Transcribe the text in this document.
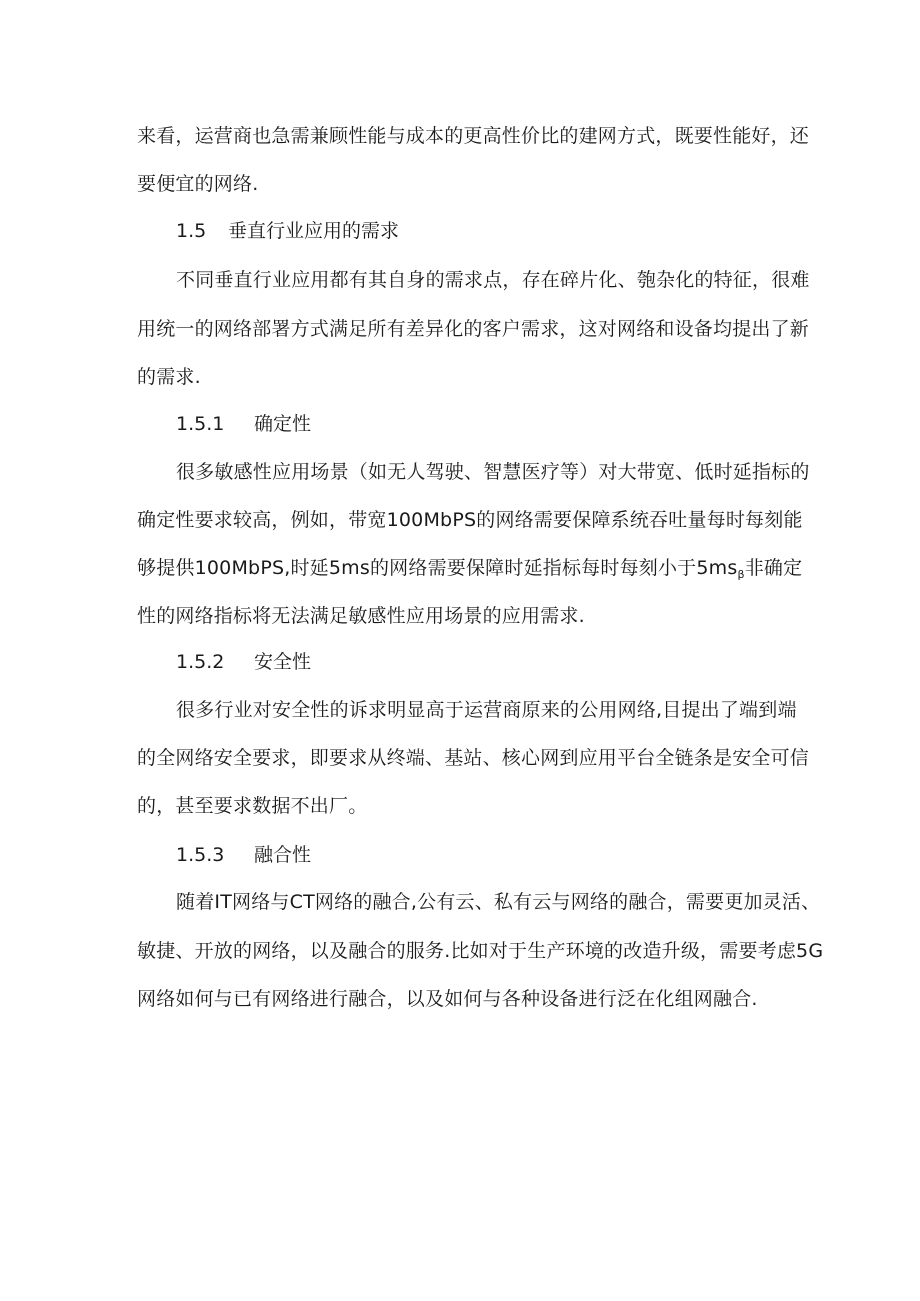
来看，运营商也急需兼顾性能与成本的更高性价比的建网方式，既要性能好，还
要便宜的网络.
1.5 垂直行业应用的需求
不同垂直行业应用都有其自身的需求点，存在碎片化、匏杂化的特征，很难
用统一的网络部署方式满足所有差异化的客户需求，这对网络和设备均提出了新
的需求.
1.5.1 确定性
很多敏感性应用场景（如无人驾驶、智慧医疗等）对大带宽、低时延指标的
确定性要求较高，例如，带宽100MbPS的网络需要保障系统吞吐量每时每刻能
够提供100MbPS,时延5ms的网络需要保障时延指标每时每刻小于$5ms_\beta$非确定
性的网络指标将无法满足敏感性应用场景的应用需求.
1.5.2 安全性
很多行业对安全性的诉求明显高于运营商原来的公用网络,目提出了端到端
的全网络安全要求，即要求从终端、基站、核心网到应用平台全链条是安全可信
的，甚至要求数据不出厂。
1.5.3 融合性
随着IT网络与CT网络的融合,公有云、私有云与网络的融合，需要更加灵活、
敏捷、开放的网络，以及融合的服务.比如对于生产环境的改造升级，需要考虑5G
网络如何与已有网络进行融合，以及如何与各种设备进行泛在化组网融合.
